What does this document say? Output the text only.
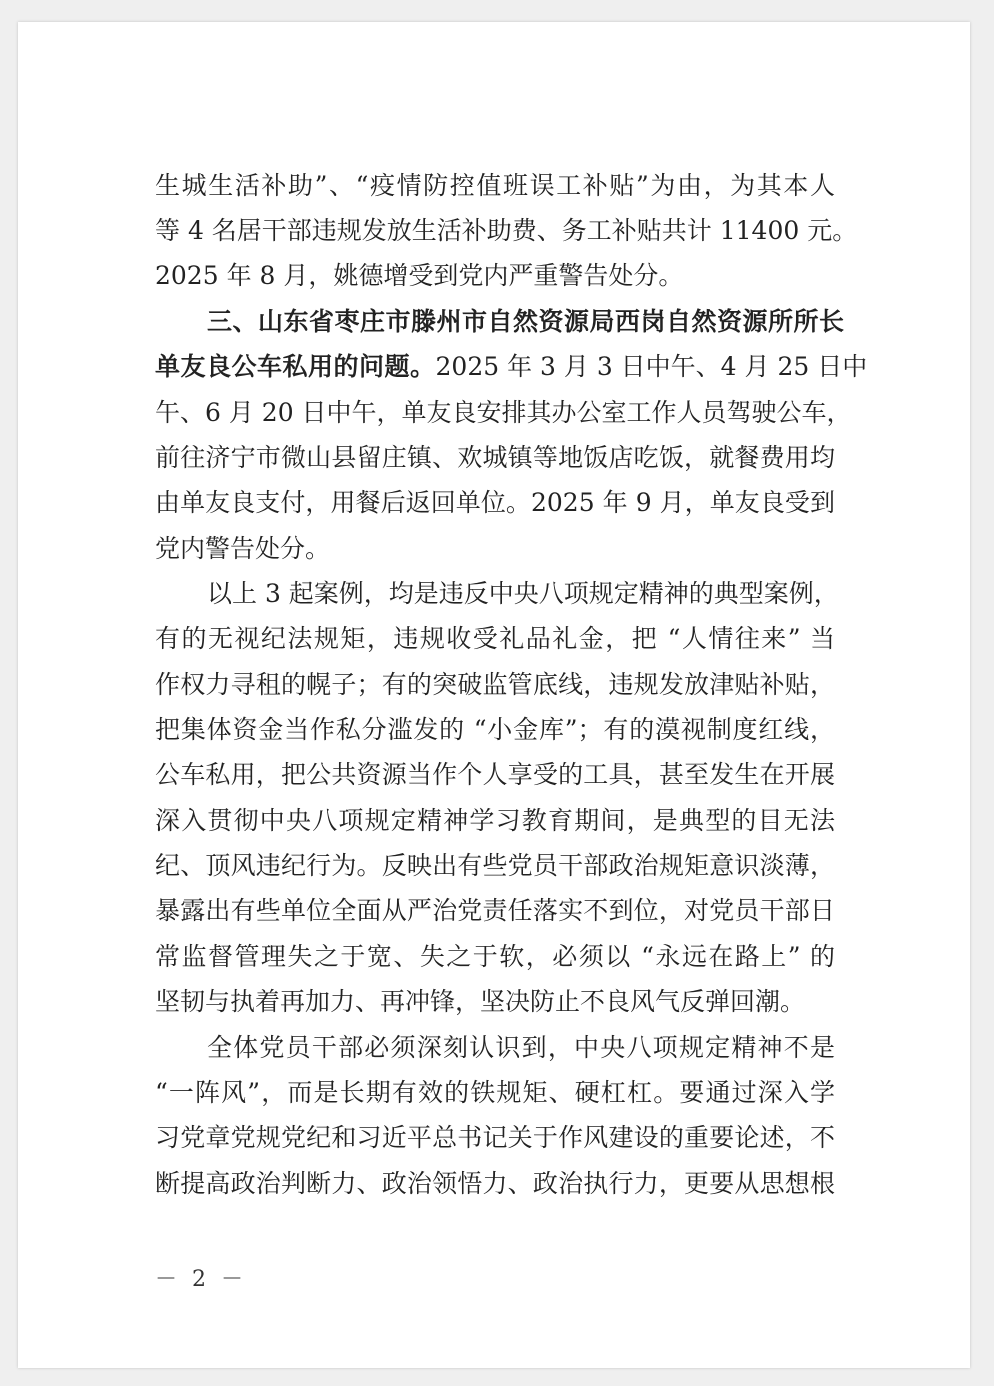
生城生活补助”、“疫情防控值班误工补贴”为由，为其本人
等 4 名居干部违规发放生活补助费、务工补贴共计 11400 元。
2025 年 8 月，姚德增受到党内严重警告处分。
三、山东省枣庄市滕州市自然资源局西岗自然资源所所长
单友良公车私用的问题。2025 年 3 月 3 日中午、4 月 25 日中
午、6 月 20 日中午，单友良安排其办公室工作人员驾驶公车，
前往济宁市微山县留庄镇、欢城镇等地饭店吃饭，就餐费用均
由单友良支付，用餐后返回单位。2025 年 9 月，单友良受到
党内警告处分。
以上 3 起案例，均是违反中央八项规定精神的典型案例，
有的无视纪法规矩，违规收受礼品礼金，把 “人情往来” 当
作权力寻租的幌子；有的突破监管底线，违规发放津贴补贴，
把集体资金当作私分滥发的 “小金库”；有的漠视制度红线，
公车私用，把公共资源当作个人享受的工具，甚至发生在开展
深入贯彻中央八项规定精神学习教育期间，是典型的目无法
纪、顶风违纪行为。反映出有些党员干部政治规矩意识淡薄，
暴露出有些单位全面从严治党责任落实不到位，对党员干部日
常监督管理失之于宽、失之于软，必须以 “永远在路上” 的
坚韧与执着再加力、再冲锋，坚决防止不良风气反弹回潮。
全体党员干部必须深刻认识到，中央八项规定精神不是
“一阵风”，而是长期有效的铁规矩、硬杠杠。要通过深入学
习党章党规党纪和习近平总书记关于作风建设的重要论述，不
断提高政治判断力、政治领悟力、政治执行力，更要从思想根
－ 2 －
